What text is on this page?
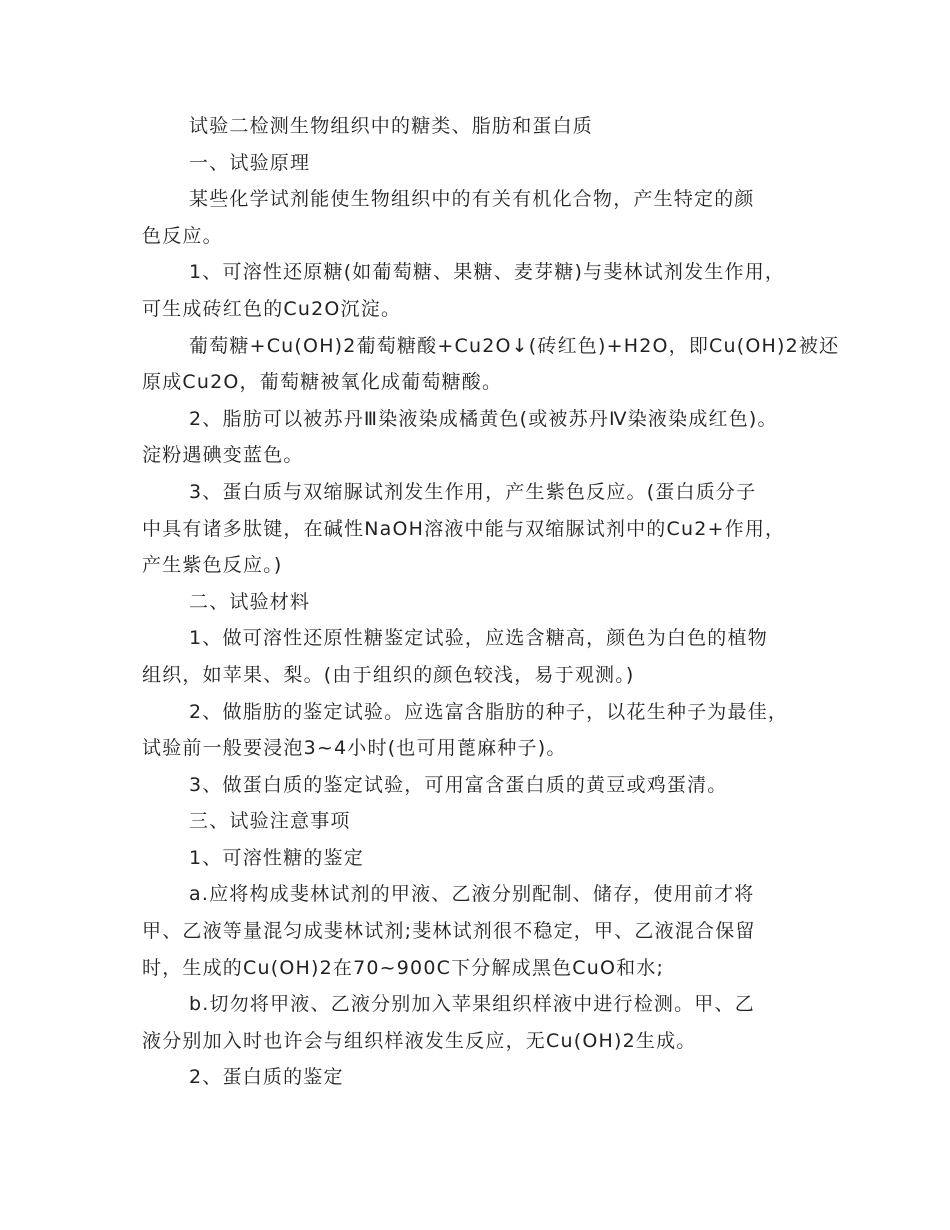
试验二检测生物组织中的糖类、脂肪和蛋白质

一、试验原理

某些化学试剂能使生物组织中的有关有机化合物，产生特定的颜

色反应。

1、可溶性还原糖(如葡萄糖、果糖、麦芽糖)与斐林试剂发生作用，

可生成砖红色的Cu2O沉淀。

葡萄糖+Cu(OH)2葡萄糖酸+Cu2O↓(砖红色)+H2O，即Cu(OH)2被还

原成Cu2O，葡萄糖被氧化成葡萄糖酸。

2、脂肪可以被苏丹Ⅲ染液染成橘黄色(或被苏丹Ⅳ染液染成红色)。

淀粉遇碘变蓝色。

3、蛋白质与双缩脲试剂发生作用，产生紫色反应。(蛋白质分子

中具有诸多肽键，在碱性NaOH溶液中能与双缩脲试剂中的Cu2+作用，

产生紫色反应。)

二、试验材料

1、做可溶性还原性糖鉴定试验，应选含糖高，颜色为白色的植物

组织，如苹果、梨。(由于组织的颜色较浅，易于观测。)

2、做脂肪的鉴定试验。应选富含脂肪的种子，以花生种子为最佳，

试验前一般要浸泡3~4小时(也可用蓖麻种子)。

3、做蛋白质的鉴定试验，可用富含蛋白质的黄豆或鸡蛋清。

三、试验注意事项

1、可溶性糖的鉴定

a.应将构成斐林试剂的甲液、乙液分别配制、储存，使用前才将

甲、乙液等量混匀成斐林试剂;斐林试剂很不稳定，甲、乙液混合保留

时，生成的Cu(OH)2在70~900C下分解成黑色CuO和水;

b.切勿将甲液、乙液分别加入苹果组织样液中进行检测。甲、乙

液分别加入时也许会与组织样液发生反应，无Cu(OH)2生成。

2、蛋白质的鉴定
